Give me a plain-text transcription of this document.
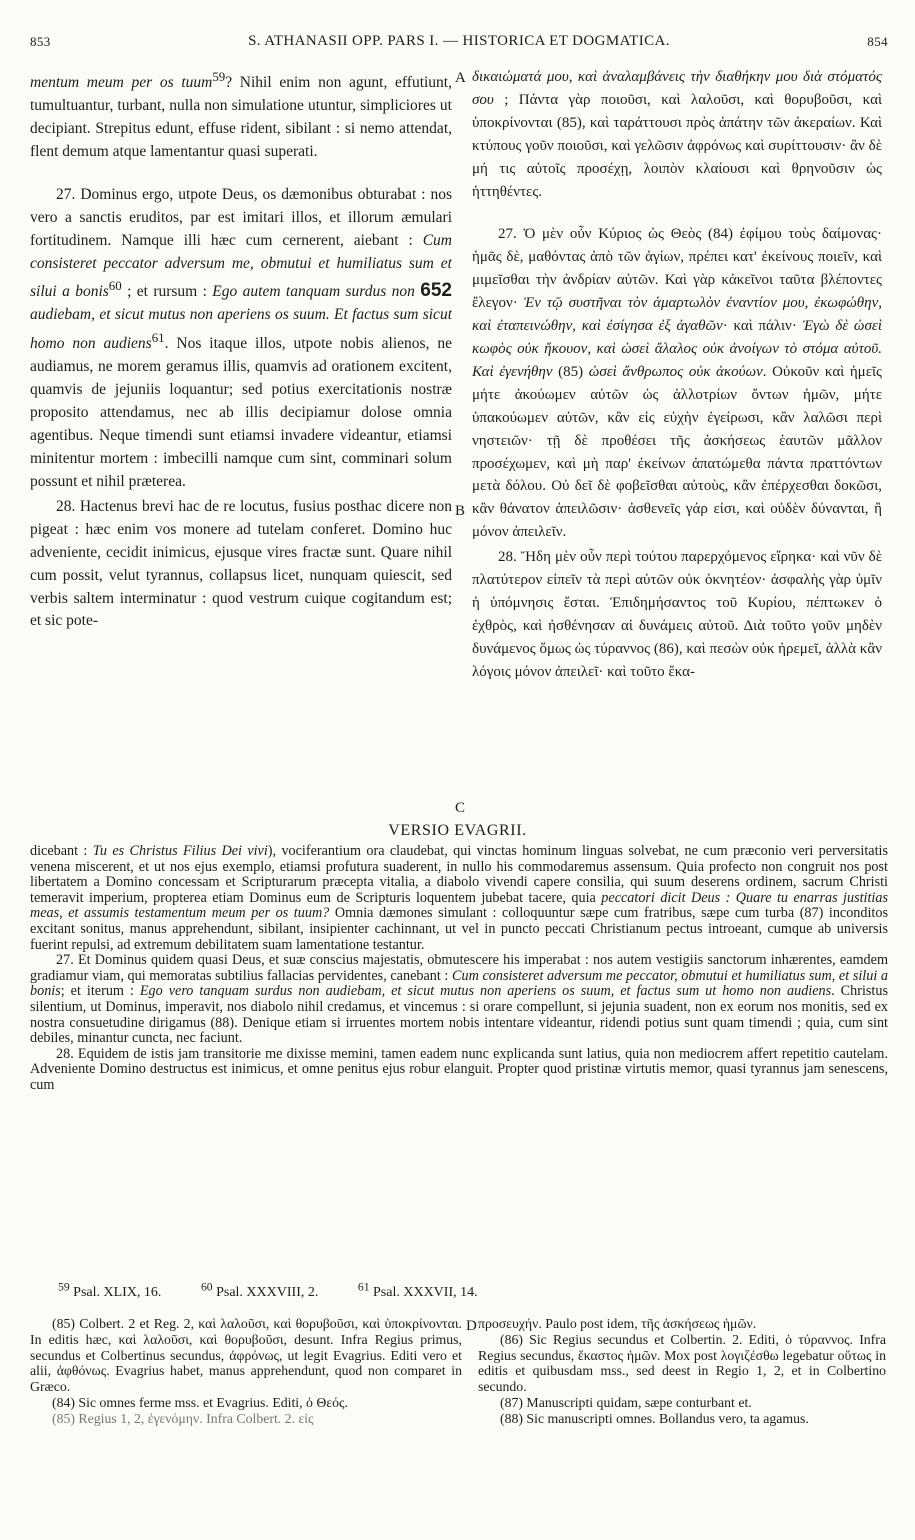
853	S. ATHANASII OPP. PARS I. — HISTORICA ET DOGMATICA.	854

mentum meum per os tuum$^{59}$? Nihil enim non agunt, effutiunt, tumultuantur, turbant, nulla non simulatione utuntur, simpliciores ut decipiant. Strepitus edunt, effuse rident, sibilant : si nemo attendat, flent demum atque lamentantur quasi superati.

27. Dominus ergo, utpote Deus, os dæmonibus obturabat : nos vero a sanctis eruditos, par est imitari illos, et illorum æmulari fortitudinem. Namque illi hæc cum cernerent, aiebant : Cum consisteret peccator adversum me, obmutui et humiliatus sum et silui a bonis$^{60}$ ; et rursum : Ego autem tanquam surdus non 652 audiebam, et sicut mutus non aperiens os suum. Et factus sum sicut homo non audiens$^{61}$. Nos itaque illos, utpote nobis alienos, ne audiamus, ne morem geramus illis, quamvis ad orationem excitent, quamvis de jejuniis loquantur; sed potius exercitationis nostræ proposito attendamus, nec ab illis decipiamur dolose omnia agentibus. Neque timendi sunt etiamsi invadere videantur, etiamsi minitentur mortem : imbecilli namque cum sint, comminari solum possunt et nihil prætereа.

28. Hactenus brevi hac de re locutus, fusius posthac dicere non pigeat : hæc enim vos monere ad tutelam conferet. Domino huc adveniente, cecidit inimicus, ejusque vires fractæ sunt. Quare nihil cum possit, velut tyrannus, collapsus licet, nunquam quiescit, sed verbis saltem interminatur : quod vestrum cuique cogitandum est; et sic pote-

δικαιώματά μου, καὶ ἀναλαμβάνεις τὴν διαθήκην μου διὰ στόματός σου ; Πάντα γὰρ ποιοῦσι, καὶ λαλοῦσι, καὶ θορυβοῦσι, καὶ ὑποκρίνονται (85), καὶ ταράττουσι πρὸς ἀπάτην τῶν ἀκεραίων. Καὶ κτύπους γοῦν ποιοῦσι, καὶ γελῶσιν ἀφρόνως καὶ συρίττουσιν· ἂν δὲ μή τις αὐτοῖς προσέχῃ, λοιπὸν κλαίουσι καὶ θρηνοῦσιν ὡς ἡττηθέντες.

27. Ὁ μὲν οὖν Κύριος ὡς Θεὸς (84) ἐφίμου τοὺς δαίμονας· ἡμᾶς δὲ, μαθόντας ἀπὸ τῶν ἁγίων, πρέπει κατ' ἐκείνους ποιεῖν, καὶ μιμεῖσθαι τὴν ἀνδρίαν αὐτῶν. Καὶ γὰρ κἀκεῖνοι ταῦτα βλέποντες ἔλεγον· Ἐν τῷ συστῆναι τὸν ἁμαρτωλὸν ἐναντίον μου, ἐκωφώθην, καὶ ἐταπεινώθην, καὶ ἐσίγησα ἐξ ἀγαθῶν· καὶ πάλιν· Ἐγὼ δὲ ὡσεὶ κωφὸς οὐκ ἤκουον, καὶ ὡσεὶ ἄλαλος οὐκ ἀνοίγων τὸ στόμα αὐτοῦ. Καὶ ἐγενήθην (85) ὡσεὶ ἄνθρωπος οὐκ ἀκούων. Οὐκοῦν καὶ ἡμεῖς μήτε ἀκούωμεν αὐτῶν ὡς ἀλλοτρίων ὄντων ἡμῶν, μήτε ὑπακούωμεν αὐτῶν, κἂν εἰς εὐχὴν ἐγείρωσι, κἂν λαλῶσι περὶ νηστειῶν· τῇ δὲ προθέσει τῆς ἀσκήσεως ἑαυτῶν μᾶλλον προσέχωμεν, καὶ μὴ παρ' ἐκείνων ἀπατώμεθα πάντα πραττόντων μετὰ δόλου. Οὐ δεῖ δὲ φοβεῖσθαι αὐτοὺς, κἂν ἐπέρχεσθαι δοκῶσι, κἂν θάνατον ἀπειλῶσιν· ἀσθενεῖς γάρ εἰσι, καὶ οὐδὲν δύνανται, ἢ μόνον ἀπειλεῖν.

28. Ἤδη μὲν οὖν περὶ τούτου παρερχόμενος εἴρηκα· καὶ νῦν δὲ πλατύτερον εἰπεῖν τὰ περὶ αὐτῶν οὐκ ὀκνητέον· ἀσφαλὴς γὰρ ὑμῖν ἡ ὑπόμνησις ἔσται. Ἐπιδημήσαντος τοῦ Κυρίου, πέπτωκεν ὁ ἐχθρὸς, καὶ ἠσθένησαν αἱ δυνάμεις αὐτοῦ. Διὰ τοῦτο γοῦν μηδὲν δυνάμενος ὅμως ὡς τύραννος (86), καὶ πεσὼν οὐκ ἠρεμεῖ, ἀλλὰ κἂν λόγοις μόνον ἀπειλεῖ· καὶ τοῦτο ἕκα-

A
B
C
D
VERSIO EVAGRII.

dicebant : Tu es Christus Filius Dei vivi), vociferantium ora claudebat, qui vinctas hominum linguas solvebat, ne cum præconio veri perversitatis venena miscerent, et ut nos ejus exemplo, etiamsi profutura suaderent, in nullo his commodaremus assensum. Quia profecto non congruit nos post libertatem a Domino concessam et Scripturarum præcepta vitalia, a diabolo vivendi capere consilia, qui suum deserens ordinem, sacrum Christi temeravit imperium, propterea etiam Dominus eum de Scripturis loquentem jubebat tacere, quia peccatori dicit Deus : Quare tu enarras justitias meas, et assumis testamentum meum per os tuum? Omnia dæmones simulant : colloquuntur sæpe cum fratribus, sæpe cum turba (87) inconditos excitant sonitus, manus apprehendunt, sibilant, insipienter cachinnant, ut vel in puncto peccati Christianum pectus introeant, cumque ab universis fuerint repulsi, ad extremum debilitatem suam lamentatione testantur.

27. Et Dominus quidem quasi Deus, et suæ conscius majestatis, obmutescere his imperabat : nos autem vestigiis sanctorum inhærentes, eamdem gradiamur viam, qui memoratas subtilius fallacias pervidentes, canebant : Cum consisteret adversum me peccator, obmutui et humiliatus sum, et silui a bonis; et iterum : Ego vero tanquam surdus non audiebam, et sicut mutus non aperiens os suum, et factus sum ut homo non audiens. Christus silentium, ut Dominus, imperavit, nos diabolo nihil credamus, et vincemus : si orare compellunt, si jejunia suadent, non ex eorum nos monitis, sed ex nostra consuetudine dirigamus (88). Denique etiam si irruentes mortem nobis intentare videantur, ridendi potius sunt quam timendi ; quia, cum sint debiles, minantur cuncta, nec faciunt.

28. Equidem de istis jam transitorie me dixisse memini, tamen eadem nunc explicanda sunt latius, quia non mediocrem affert repetitio cautelam. Adveniente Domino destructus est inimicus, et omne penitus ejus robur elanguit. Propter quod pristinæ virtutis memor, quasi tyrannus jam senescens, cum

$^{59}$ Psal. XLIX, 16.	$^{60}$ Psal. XXXVIII, 2.	$^{61}$ Psal. XXXVII, 14.

(85) Colbert. 2 et Reg. 2, καὶ λαλοῦσι, καὶ θορυβοῦσι, καὶ ὑποκρίνονται. In editis hæc, καὶ λαλοῦσι, καὶ θορυβοῦσι, desunt. Infra Regius primus, secundus et Colbertinus secundus, ἀφρόνως, ut legit Evagrius. Editi vero et alii, ἀφθόνως. Evagrius habet, manus apprehendunt, quod non comparet in Græco.

(84) Sic omnes ferme mss. et Evagrius. Editi, ὁ Θεός.

(85) Regius 1, 2, ἐγενόμην. Infra Colbert. 2. εἰς

προσευχήν. Paulo post idem, τῆς ἀσκήσεως ἡμῶν.

(86) Sic Regius secundus et Colbertin. 2. Editi, ὁ τύραννος. Infra Regius secundus, ἕκαστος ἡμῶν. Mox post λογιζέσθω legebatur οὕτως in editis et quibusdam mss., sed deest in Regio 1, 2, et in Colbertino secundo.

(87) Manuscripti quidam, sæpe conturbant et.

(88) Sic manuscripti omnes. Bollandus vero, ta agamus.
